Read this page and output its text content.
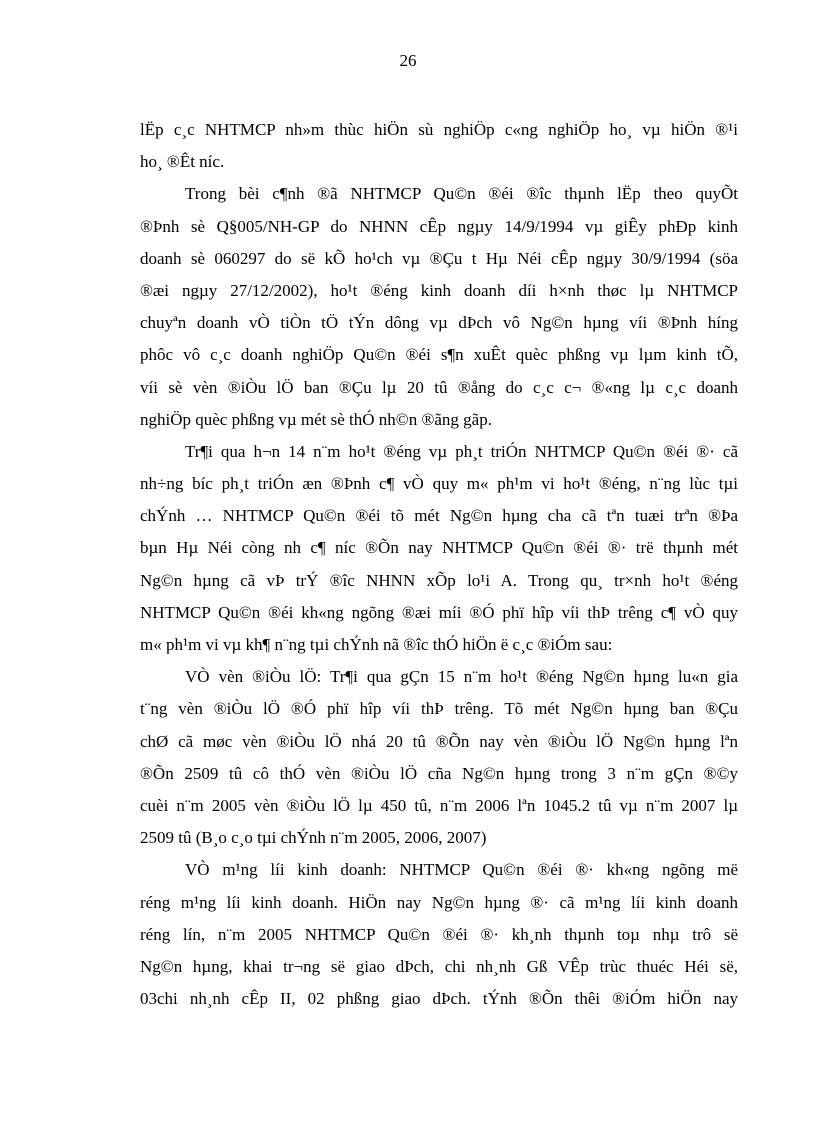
26
lËp c¸c NHTMCP nh»m thùc hiÖn sù nghiÖp c«ng nghiÖp ho¸ vµ hiÖn ®¹i
ho¸ ®Êt níc.
Trong bèi c¶nh ®ã NHTMCP Qu©n ®éi ®îc thµnh lËp theo quyÕt
®Þnh sè Q§005/NH-GP do NHNN cÊp ngµy 14/9/1994 vµ giÊy phÐp kinh
doanh sè 060297 do së kÕ ho¹ch vµ ®Çu t Hµ Néi cÊp ngµy 30/9/1994 (söa
®æi ngµy 27/12/2002), ho¹t ®éng kinh doanh díi h×nh thøc lµ NHTMCP
chuyªn doanh vÒ tiÒn tÖ tÝn dông vµ dÞch vô Ng©n hµng víi ®Þnh híng
phôc vô c¸c doanh nghiÖp Qu©n ®éi s¶n xuÊt quèc phßng vµ lµm kinh tÕ,
víi sè vèn ®iÒu lÖ ban ®Çu lµ 20 tû ®ång do c¸c c¬ ®«ng lµ c¸c doanh
nghiÖp quèc phßng vµ mét sè thÓ nh©n ®ãng gãp.
Tr¶i qua h¬n 14 n¨m ho¹t ®éng vµ ph¸t triÓn NHTMCP Qu©n ®éi ®· cã
nh÷ng bíc ph¸t triÓn æn ®Þnh c¶ vÒ quy m« ph¹m vi ho¹t ®éng, n¨ng lùc tµi
chÝnh … NHTMCP Qu©n ®éi tõ mét Ng©n hµng cha cã tªn tuæi trªn ®Þa
bµn Hµ Néi còng nh c¶ níc ®Õn nay NHTMCP Qu©n ®éi ®· trë thµnh mét
Ng©n hµng cã vÞ trÝ ®îc NHNN xÕp lo¹i A. Trong qu¸ tr×nh ho¹t ®éng
NHTMCP Qu©n ®éi kh«ng ngõng ®æi míi ®Ó phï hîp víi thÞ trêng c¶ vÒ quy
m« ph¹m vi vµ kh¶ n¨ng tµi chÝnh nã ®îc thÓ hiÖn ë c¸c ®iÓm sau:
VÒ vèn ®iÒu lÖ: Tr¶i qua gÇn 15 n¨m ho¹t ®éng Ng©n hµng lu«n gia
t¨ng vèn ®iÒu lÖ ®Ó phï hîp víi thÞ trêng. Tõ mét Ng©n hµng ban ®Çu
chØ cã møc vèn ®iÒu lÖ nhá 20 tû ®Õn nay vèn ®iÒu lÖ Ng©n hµng lªn
®Õn 2509 tû cô thÓ vèn ®iÒu lÖ cña Ng©n hµng trong 3 n¨m gÇn ®©y
cuèi n¨m 2005 vèn ®iÒu lÖ lµ 450 tû, n¨m 2006 lªn 1045.2 tû vµ n¨m 2007 lµ
2509 tû (B¸o c¸o tµi chÝnh n¨m 2005, 2006, 2007)
VÒ m¹ng líi kinh doanh: NHTMCP Qu©n ®éi ®· kh«ng ngõng më
réng m¹ng líi kinh doanh. HiÖn nay Ng©n hµng ®· cã m¹ng líi kinh doanh
réng lín, n¨m 2005 NHTMCP Qu©n ®éi ®· kh¸nh thµnh toµ nhµ trô së
Ng©n hµng, khai tr¬ng së giao dÞch, chi nh¸nh Gß VÊp trùc thuéc Héi së,
03chi nh¸nh cÊp II, 02 phßng giao dÞch. tÝnh ®Õn thêi ®iÓm hiÖn nay
